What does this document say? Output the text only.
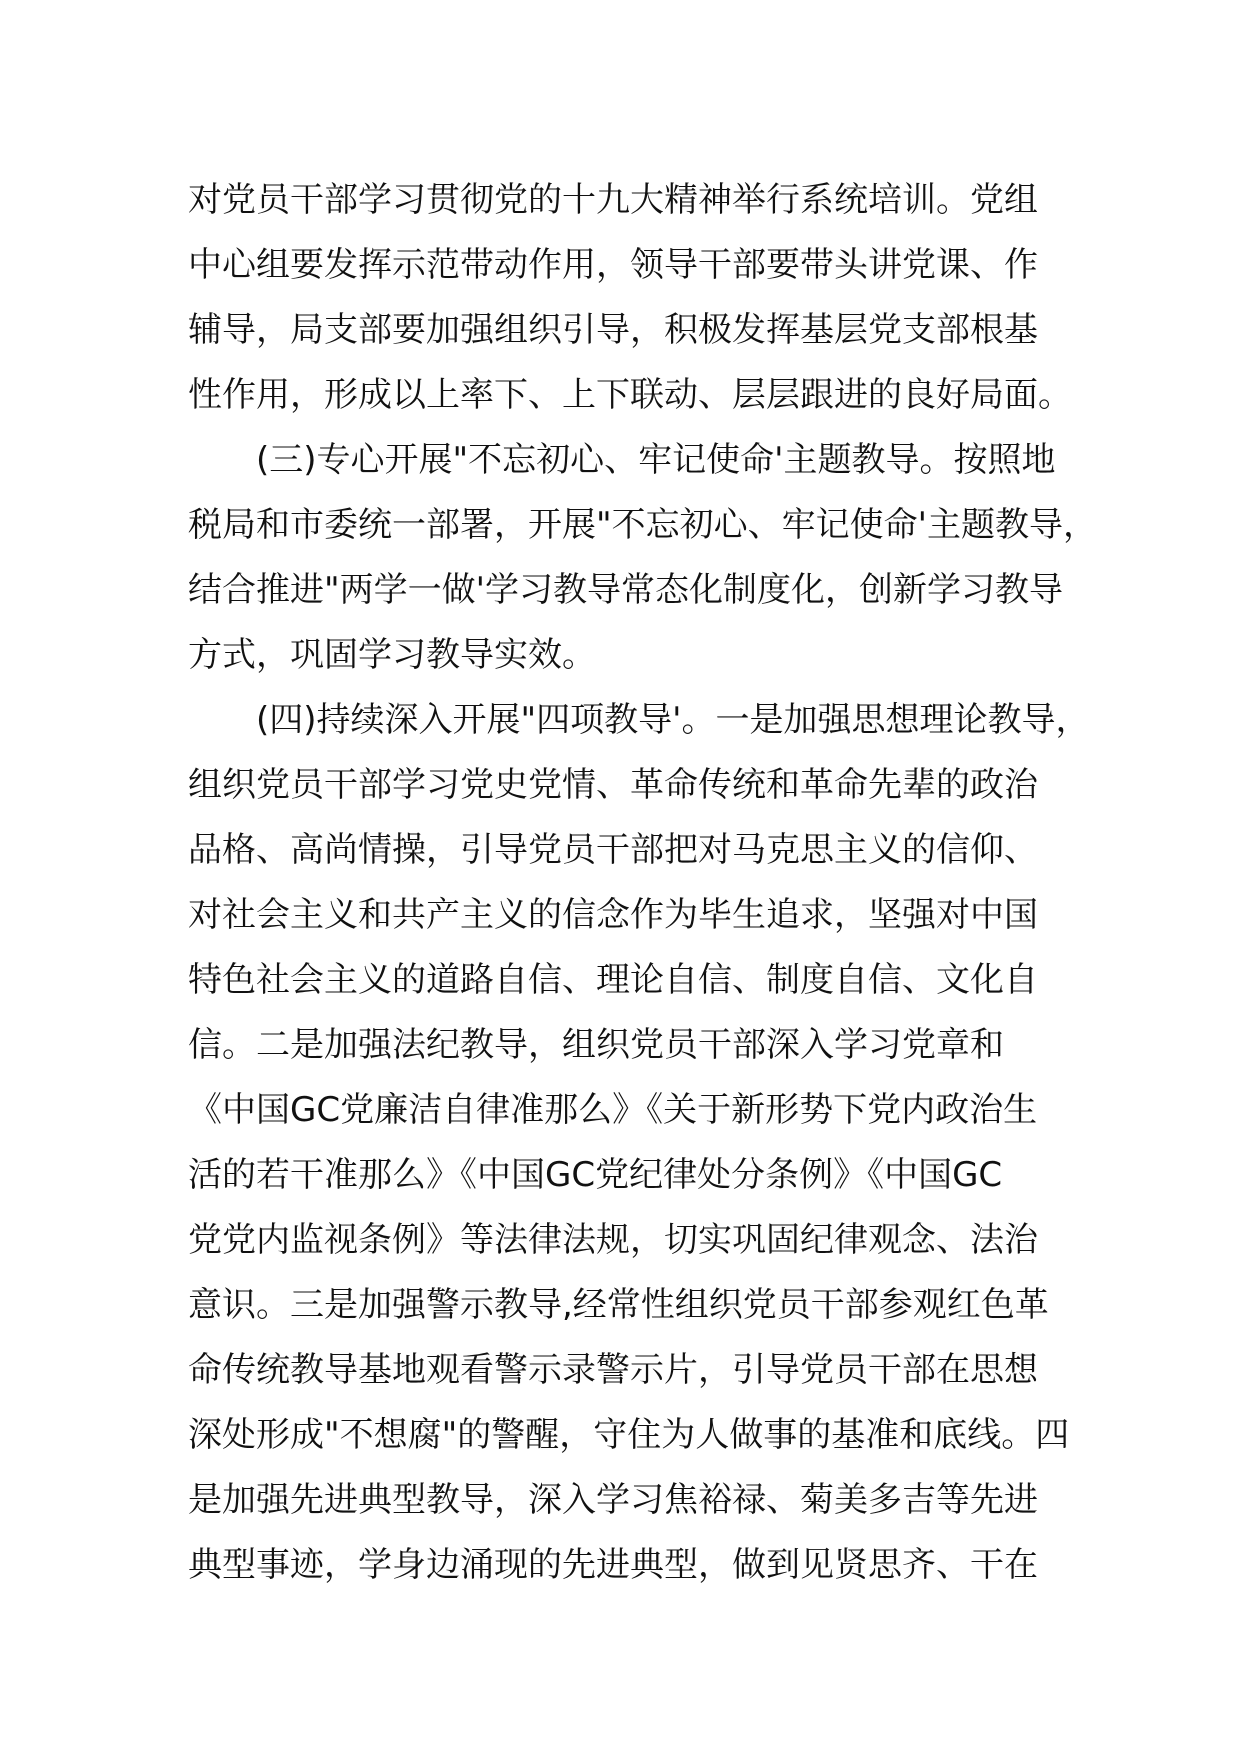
对党员干部学习贯彻党的十九大精神举行系统培训。党组
中心组要发挥示范带动作用，领导干部要带头讲党课、作
辅导，局支部要加强组织引导，积极发挥基层党支部根基
性作用，形成以上率下、上下联动、层层跟进的良好局面。
(三)专心开展"不忘初心、牢记使命'主题教导。按照地
税局和市委统一部署，开展"不忘初心、牢记使命'主题教导，
结合推进"两学一做'学习教导常态化制度化，创新学习教导
方式，巩固学习教导实效。
(四)持续深入开展"四项教导'。一是加强思想理论教导，
组织党员干部学习党史党情、革命传统和革命先辈的政治
品格、高尚情操，引导党员干部把对马克思主义的信仰、
对社会主义和共产主义的信念作为毕生追求，坚强对中国
特色社会主义的道路自信、理论自信、制度自信、文化自
信。二是加强法纪教导，组织党员干部深入学习党章和
《中国GC党廉洁自律准那么》《关于新形势下党内政治生
活的若干准那么》《中国GC党纪律处分条例》《中国GC
党党内监视条例》等法律法规，切实巩固纪律观念、法治
意识。三是加强警示教导,经常性组织党员干部参观红色革
命传统教导基地观看警示录警示片，引导党员干部在思想
深处形成"不想腐"的警醒，守住为人做事的基准和底线。四
是加强先进典型教导，深入学习焦裕禄、菊美多吉等先进
典型事迹，学身边涌现的先进典型，做到见贤思齐、干在
